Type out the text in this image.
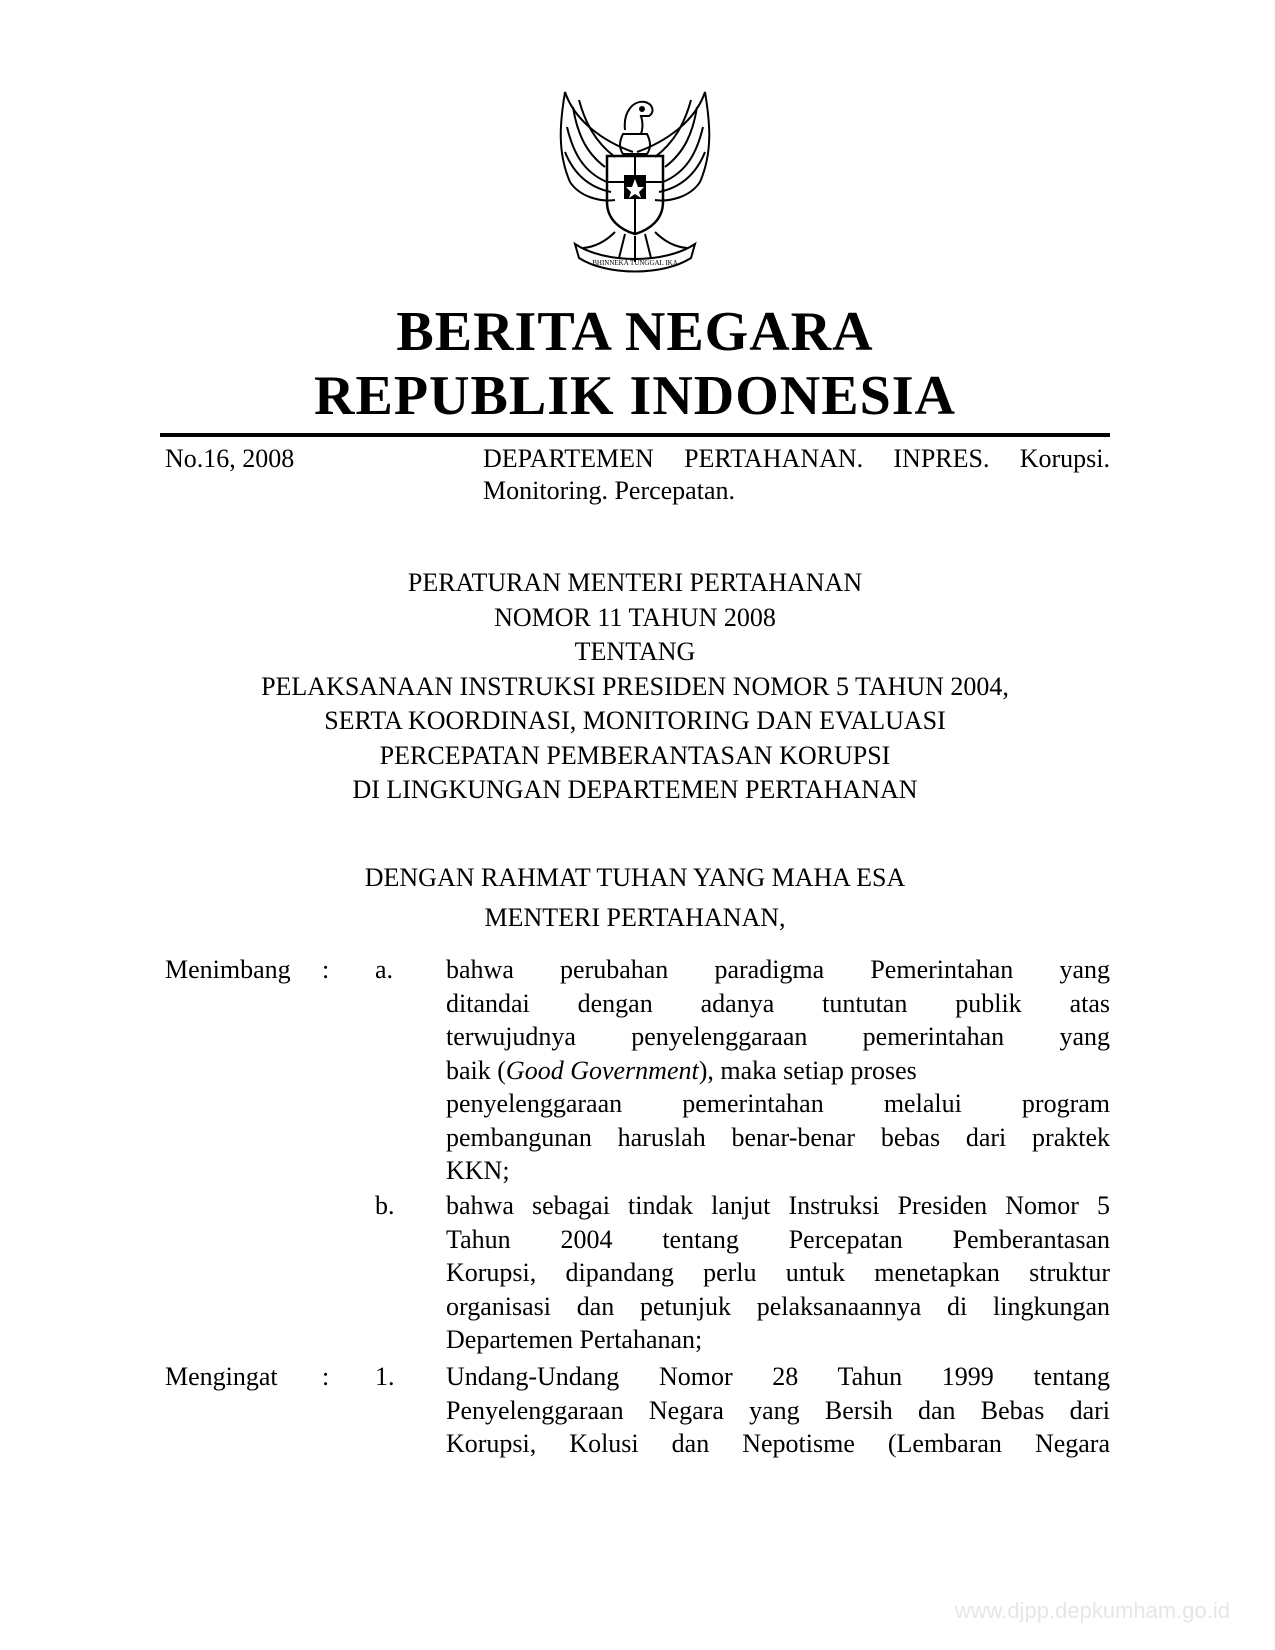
BHINNEKA TUNGGAL IKA
BERITA NEGARA
REPUBLIK INDONESIA
No.16, 2008	DEPARTEMEN PERTAHANAN. INPRES. Korupsi.
Monitoring. Percepatan.
PERATURAN MENTERI PERTAHANAN
NOMOR 11 TAHUN 2008
TENTANG
PELAKSANAAN INSTRUKSI PRESIDEN NOMOR 5 TAHUN 2004,
SERTA KOORDINASI, MONITORING DAN EVALUASI
PERCEPATAN PEMBERANTASAN KORUPSI
DI LINGKUNGAN DEPARTEMEN PERTAHANAN
DENGAN RAHMAT TUHAN YANG MAHA ESA
MENTERI PERTAHANAN,
Menimbang : a. bahwa perubahan paradigma Pemerintahan yang
ditandai dengan adanya tuntutan publik atas
terwujudnya penyelenggaraan pemerintahan yang
baik (Good Government), maka setiap proses
penyelenggaraan pemerintahan melalui program
pembangunan haruslah benar-benar bebas dari praktek
KKN;
b. bahwa sebagai tindak lanjut Instruksi Presiden Nomor 5
Tahun 2004 tentang Percepatan Pemberantasan
Korupsi, dipandang perlu untuk menetapkan struktur
organisasi dan petunjuk pelaksanaannya di lingkungan
Departemen Pertahanan;
Mengingat : 1. Undang-Undang Nomor 28 Tahun 1999 tentang
Penyelenggaraan Negara yang Bersih dan Bebas dari
Korupsi, Kolusi dan Nepotisme (Lembaran Negara
www.djpp.depkumham.go.id
